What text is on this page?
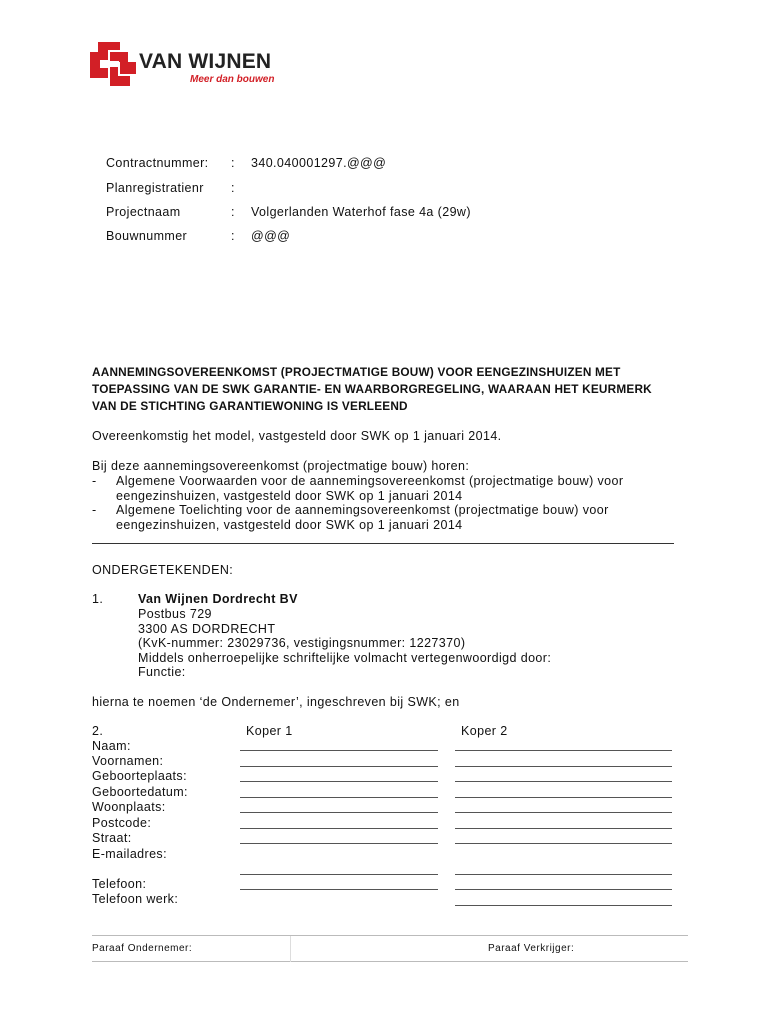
VAN WIJNEN
Meer dan bouwen
Contractnummer: : 340.040001297.@@@
Planregistratienr :
Projectnaam	: Volgerlanden Waterhof fase 4a (29w)
Bouwnummer	: @@@
AANNEMINGSOVEREENKOMST (PROJECTMATIGE BOUW) VOOR EENGEZINSHUIZEN MET
TOEPASSING VAN DE SWK GARANTIE- EN WAARBORGREGELING, WAARAAN HET KEURMERK
VAN DE STICHTING GARANTIEWONING IS VERLEEND
Overeenkomstig het model, vastgesteld door SWK op 1 januari 2014.
Bij deze aannemingsovereenkomst (projectmatige bouw) horen:
- Algemene Voorwaarden voor de aannemingsovereenkomst (projectmatige bouw) voor
eengezinshuizen, vastgesteld door SWK op 1 januari 2014
- Algemene Toelichting voor de aannemingsovereenkomst (projectmatige bouw) voor
eengezinshuizen, vastgesteld door SWK op 1 januari 2014
ONDERGETEKENDEN:
1.	Van Wijnen Dordrecht BV
Postbus 729
3300 AS DORDRECHT
(KvK-nummer: 23029736, vestigingsnummer: 1227370)
Middels onherroepelijke schriftelijke volmacht vertegenwoordigd door:
Functie:
hierna te noemen ‘de Ondernemer’, ingeschreven bij SWK; en
2.	Koper 1	Koper 2
Naam:
Voornamen:
Geboorteplaats:
Geboortedatum:
Woonplaats:
Postcode:
Straat:
E-mailadres:
Telefoon:
Telefoon werk:
Paraaf Ondernemer:	Paraaf Verkrijger:
